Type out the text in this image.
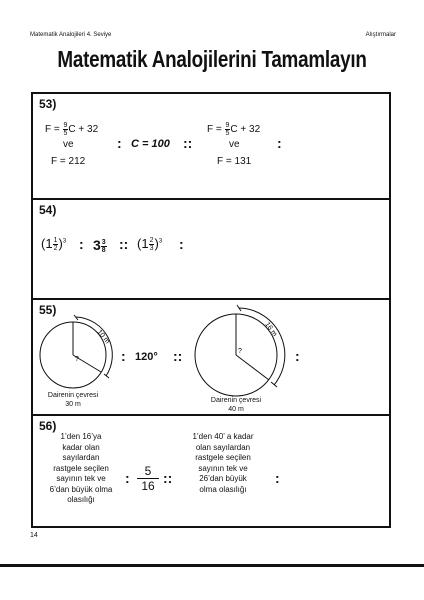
Matematik Analojileri 4. Seviye	Alıştırmalar
Matematik Analojilerini Tamamlayın
53)
$F = \frac{9}{5}$ C + 32
ve
F = 212
: C = 100 ::
$F = \frac{9}{5}$ C + 32
ve
F = 131
:
54)
$(1 \frac{1}{2} )^3$ : $3 \frac{3}{8}$ :: $(1 \frac{2}{3} )^3$ :
55)
10 m
?
16 m
?
Dairenin çevresi
30 m
: 120° ::
Dairenin çevresi
40 m
:
56)
1’den 16’ya
kadar olan
sayılardan
rastgele seçilen
sayının tek ve
6’dan büyük olma
olasılığı
: $\frac{5}{16}$ ::
1’den 40’ a kadar
olan sayılardan
rastgele seçilen
sayının tek ve
26’dan büyük
olma olasılığı
:
14
